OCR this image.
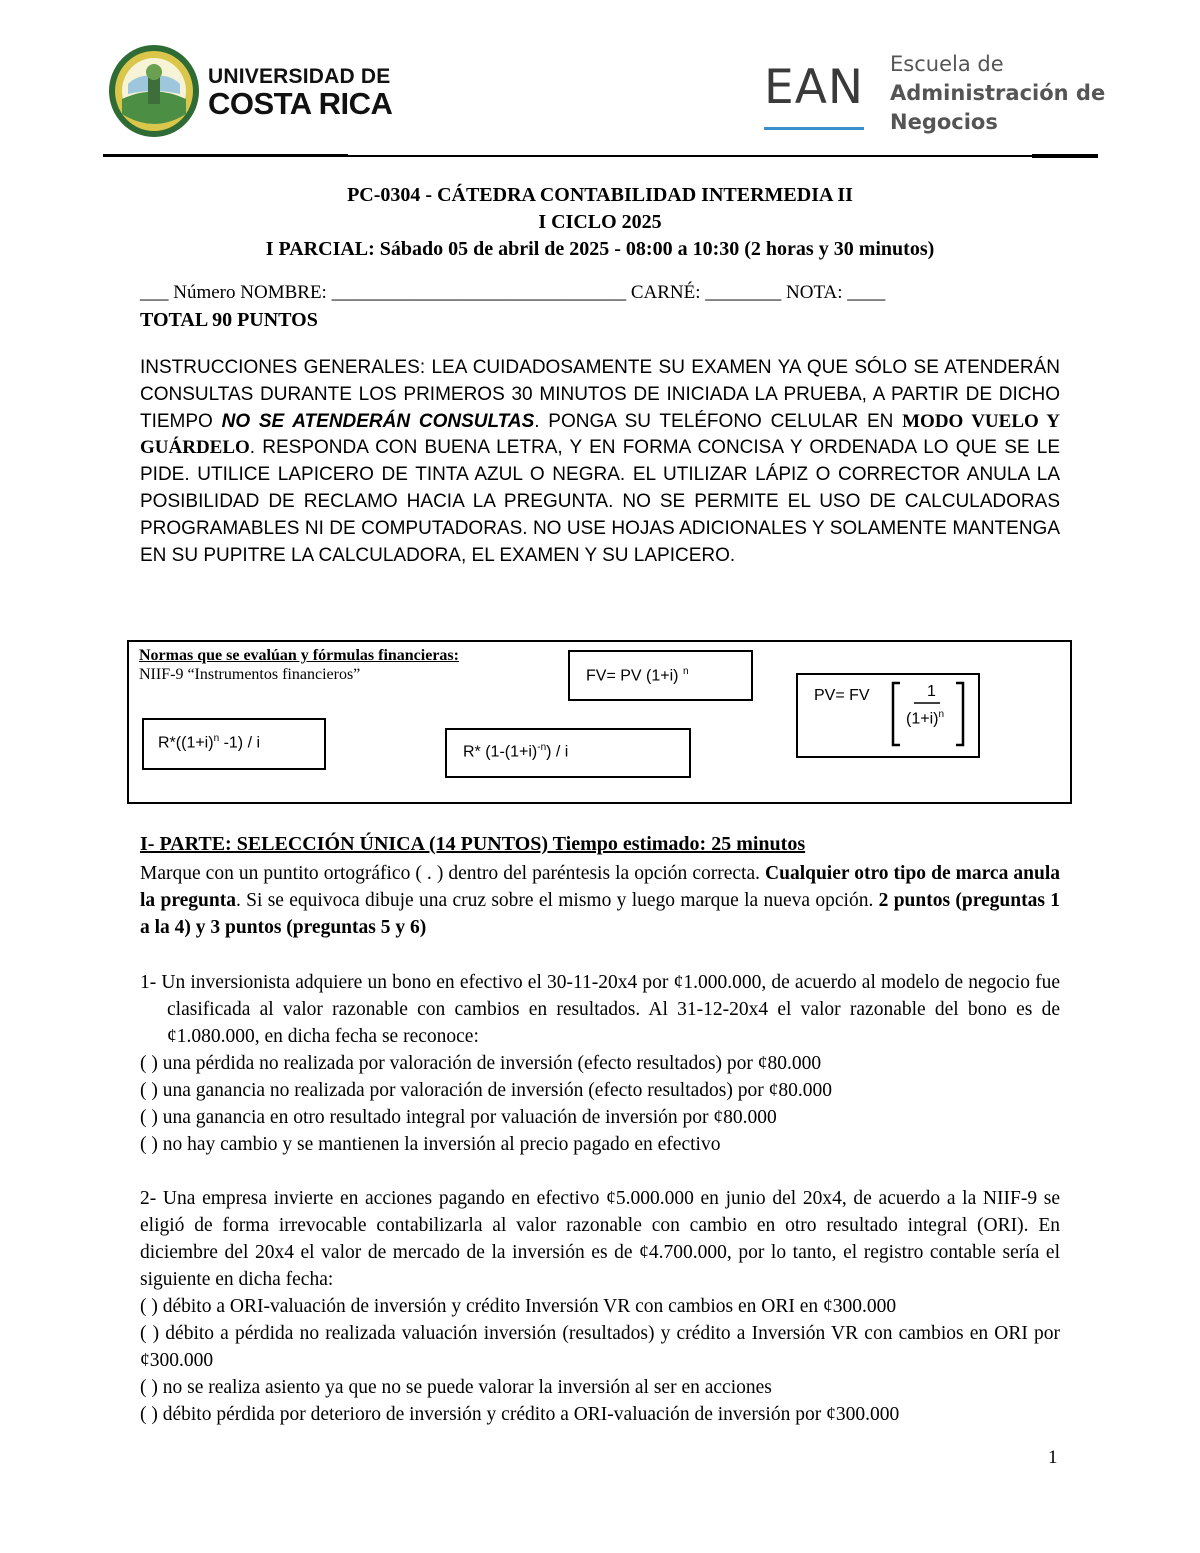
UNIVERSIDAD DE
COSTA RICA	EAN Escuela de
Administración de
Negocios
PC-0304 - CÁTEDRA CONTABILIDAD INTERMEDIA II
I CICLO 2025
I PARCIAL: Sábado 05 de abril de 2025 - 08:00 a 10:30 (2 horas y 30 minutos)
___ Número NOMBRE: _______________________________ CARNÉ: ________ NOTA: ____
TOTAL 90 PUNTOS
INSTRUCCIONES GENERALES: LEA CUIDADOSAMENTE SU EXAMEN YA QUE SÓLO SE ATENDERÁN CONSULTAS DURANTE LOS PRIMEROS 30 MINUTOS DE INICIADA LA PRUEBA, A PARTIR DE DICHO TIEMPO NO SE ATENDERÁN CONSULTAS. PONGA SU TELÉFONO CELULAR EN MODO VUELO Y GUÁRDELO. RESPONDA CON BUENA LETRA, Y EN FORMA CONCISA Y ORDENADA LO QUE SE LE PIDE. UTILICE LAPICERO DE TINTA AZUL O NEGRA. EL UTILIZAR LÁPIZ O CORRECTOR ANULA LA POSIBILIDAD DE RECLAMO HACIA LA PREGUNTA. NO SE PERMITE EL USO DE CALCULADORAS PROGRAMABLES NI DE COMPUTADORAS. NO USE HOJAS ADICIONALES Y SOLAMENTE MANTENGA EN SU PUPITRE LA CALCULADORA, EL EXAMEN Y SU LAPICERO.
Normas que se evalúan y fórmulas financieras:
NIIF-9 “Instrumentos financieros”	FV= PV (1+i) $^n$
PV= FV	1
$(1+i)^n$
$R*((1+i)^n$ -1) / i
R* $(1-(1+i)^{-n}) / i$
I- PARTE: SELECCIÓN ÚNICA (14 PUNTOS) Tiempo estimado: 25 minutos
Marque con un puntito ortográfico ( . ) dentro del paréntesis la opción correcta. Cualquier otro tipo de marca anula la pregunta. Si se equivoca dibuje una cruz sobre el mismo y luego marque la nueva opción. 2 puntos (preguntas 1 a la 4) y 3 puntos (preguntas 5 y 6)
1- Un inversionista adquiere un bono en efectivo el 30-11-20x4 por ¢1.000.000, de acuerdo al modelo de negocio fue clasificada al valor razonable con cambios en resultados. Al 31-12-20x4 el valor razonable del bono es de ¢1.080.000, en dicha fecha se reconoce:
( ) una pérdida no realizada por valoración de inversión (efecto resultados) por ¢80.000
( ) una ganancia no realizada por valoración de inversión (efecto resultados) por ¢80.000
( ) una ganancia en otro resultado integral por valuación de inversión por ¢80.000
( ) no hay cambio y se mantienen la inversión al precio pagado en efectivo
2- Una empresa invierte en acciones pagando en efectivo ¢5.000.000 en junio del 20x4, de acuerdo a la NIIF-9 se eligió de forma irrevocable contabilizarla al valor razonable con cambio en otro resultado integral (ORI). En diciembre del 20x4 el valor de mercado de la inversión es de ¢4.700.000, por lo tanto, el registro contable sería el siguiente en dicha fecha:
( ) débito a ORI-valuación de inversión y crédito Inversión VR con cambios en ORI en ¢300.000
( ) débito a pérdida no realizada valuación inversión (resultados) y crédito a Inversión VR con cambios en ORI por ¢300.000
( ) no se realiza asiento ya que no se puede valorar la inversión al ser en acciones
( ) débito pérdida por deterioro de inversión y crédito a ORI-valuación de inversión por ¢300.000
1
